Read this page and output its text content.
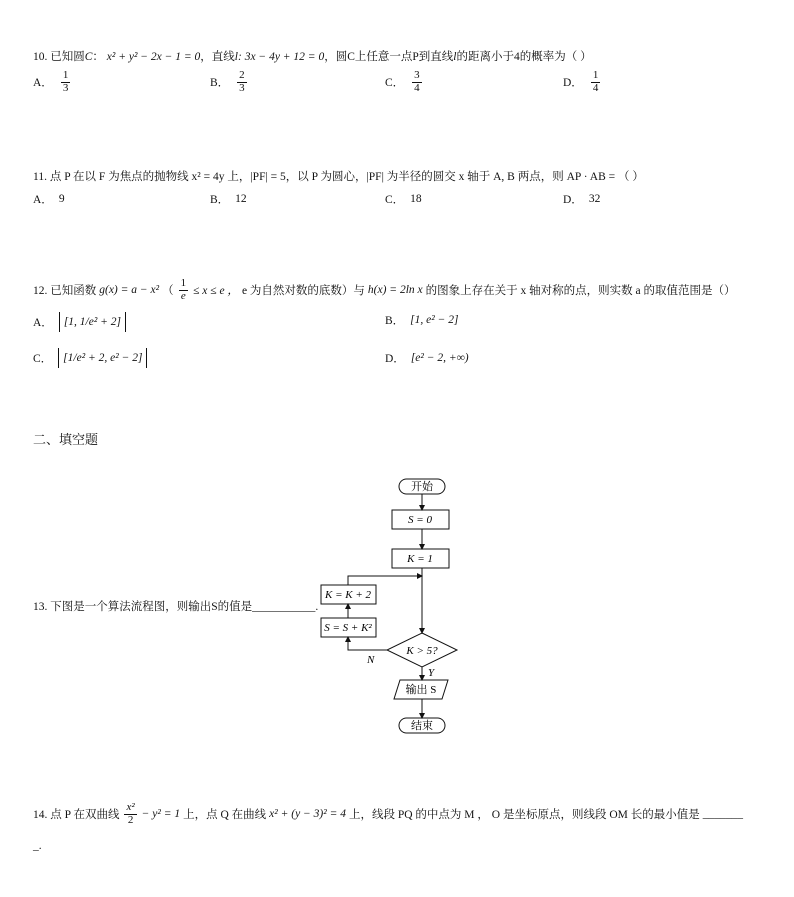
10. 已知圆C： x² + y² − 2x − 1 = 0，直线l: 3x − 4y + 12 = 0，圆C上任意一点P到直线l的距离小于4的概率为（ ）
A． $\frac{1}{3}$	B． $\frac{2}{3}$	C． $\frac{3}{4}$	D． $\frac{1}{4}$
11. 点 P 在以 F 为焦点的抛物线 x² = 4y 上，|PF| = 5，以 P 为圆心，|PF| 为半径的圆交 x 轴于 A, B 两点，则 AP · AB = （ ）
A． 9	B． 12	C． 18	D． 32
12. 已知函数 g(x) = a − x² （ $\frac{1}{e} \le x \le e$ ， e 为自然对数的底数）与 h(x) = 2ln x 的图象上存在关于 x 轴对称的点，则实数 a 的取值范围是（）
A． [1, 1/e² + 2]	B． [1, e² − 2]
C． [1/e² + 2, e² − 2]	D． [e² − 2, +∞)
二、填空题
13. 下图是一个算法流程图，则输出S的值是___________.
开始
S = 0
K = 1
K = K + 2
S = S + K²
K > 5?
Y
N
输出 S
结束
14. 点 P 在双曲线 $\frac{\text{x²}}{2} - y^2 = 1$ 上，点 Q 在曲线 x² + (y − 3)² = 4 上，线段 PQ 的中点为 M ， O 是坐标原点，则线段 OM 长的最小值是 _______
_.
